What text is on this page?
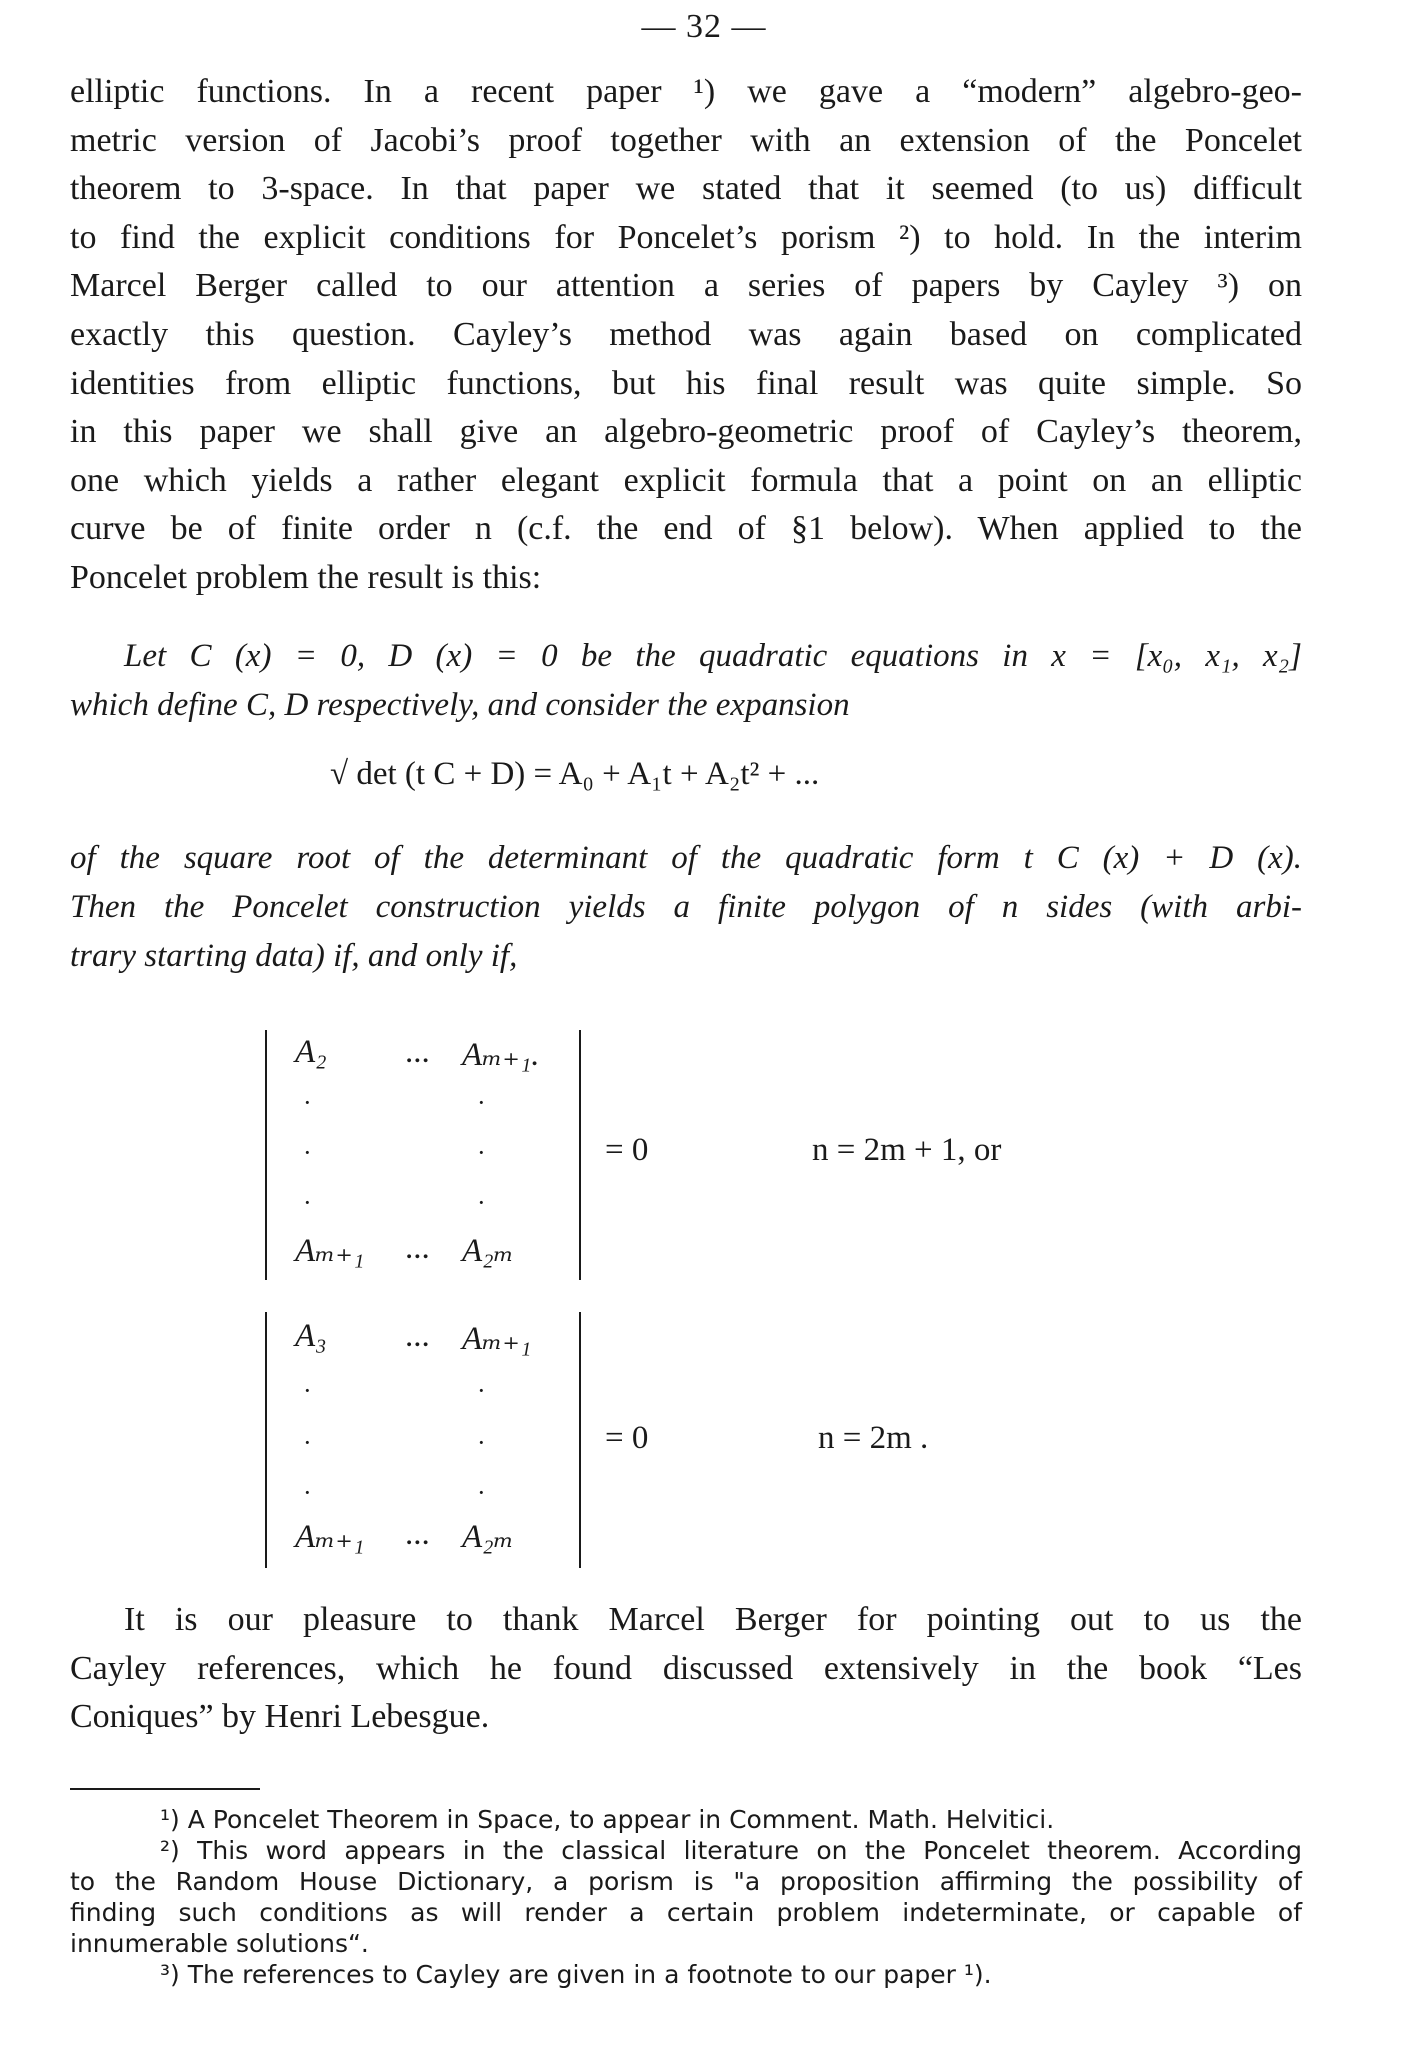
— 32 —

elliptic functions. In a recent paper ¹) we gave a “modern” algebro-geo-
metric version of Jacobi’s proof together with an extension of the Poncelet
theorem to 3-space. In that paper we stated that it seemed (to us) difficult
to find the explicit conditions for Poncelet’s porism ²) to hold. In the interim
Marcel Berger called to our attention a series of papers by Cayley ³) on
exactly this question. Cayley’s method was again based on complicated
identities from elliptic functions, but his final result was quite simple. So
in this paper we shall give an algebro-geometric proof of Cayley’s theorem,
one which yields a rather elegant explicit formula that a point on an elliptic
curve be of finite order n (c.f. the end of §1 below). When applied to the
Poncelet problem the result is this:

Let C (x) = 0, D (x) = 0 be the quadratic equations in x = [x₀, x₁, x₂]
which define C, D respectively, and consider the expansion

√ det (t C + D) = A₀ + A₁t + A₂t² + ...

of the square root of the determinant of the quadratic form t C (x) + D (x).
Then the Poncelet construction yields a finite polygon of n sides (with arbi-
trary starting data) if, and only if,

A₂ ... Aₘ₊₁.
·	·
·	·
·	·
Aₘ₊₁ ... A₂ₘ
= 0	n = 2m + 1, or
A₃ ... Aₘ₊₁
·	·
·	·
·	·
Aₘ₊₁ ... A₂ₘ
= 0	n = 2m .

It is our pleasure to thank Marcel Berger for pointing out to us the
Cayley references, which he found discussed extensively in the book “Les
Coniques” by Henri Lebesgue.

¹) A Poncelet Theorem in Space, to appear in Comment. Math. Helvitici.
²) This word appears in the classical literature on the Poncelet theorem. According
to the Random House Dictionary, a porism is "a proposition affirming the possibility of
finding such conditions as will render a certain problem indeterminate, or capable of
innumerable solutions“.
³) The references to Cayley are given in a footnote to our paper ¹).
